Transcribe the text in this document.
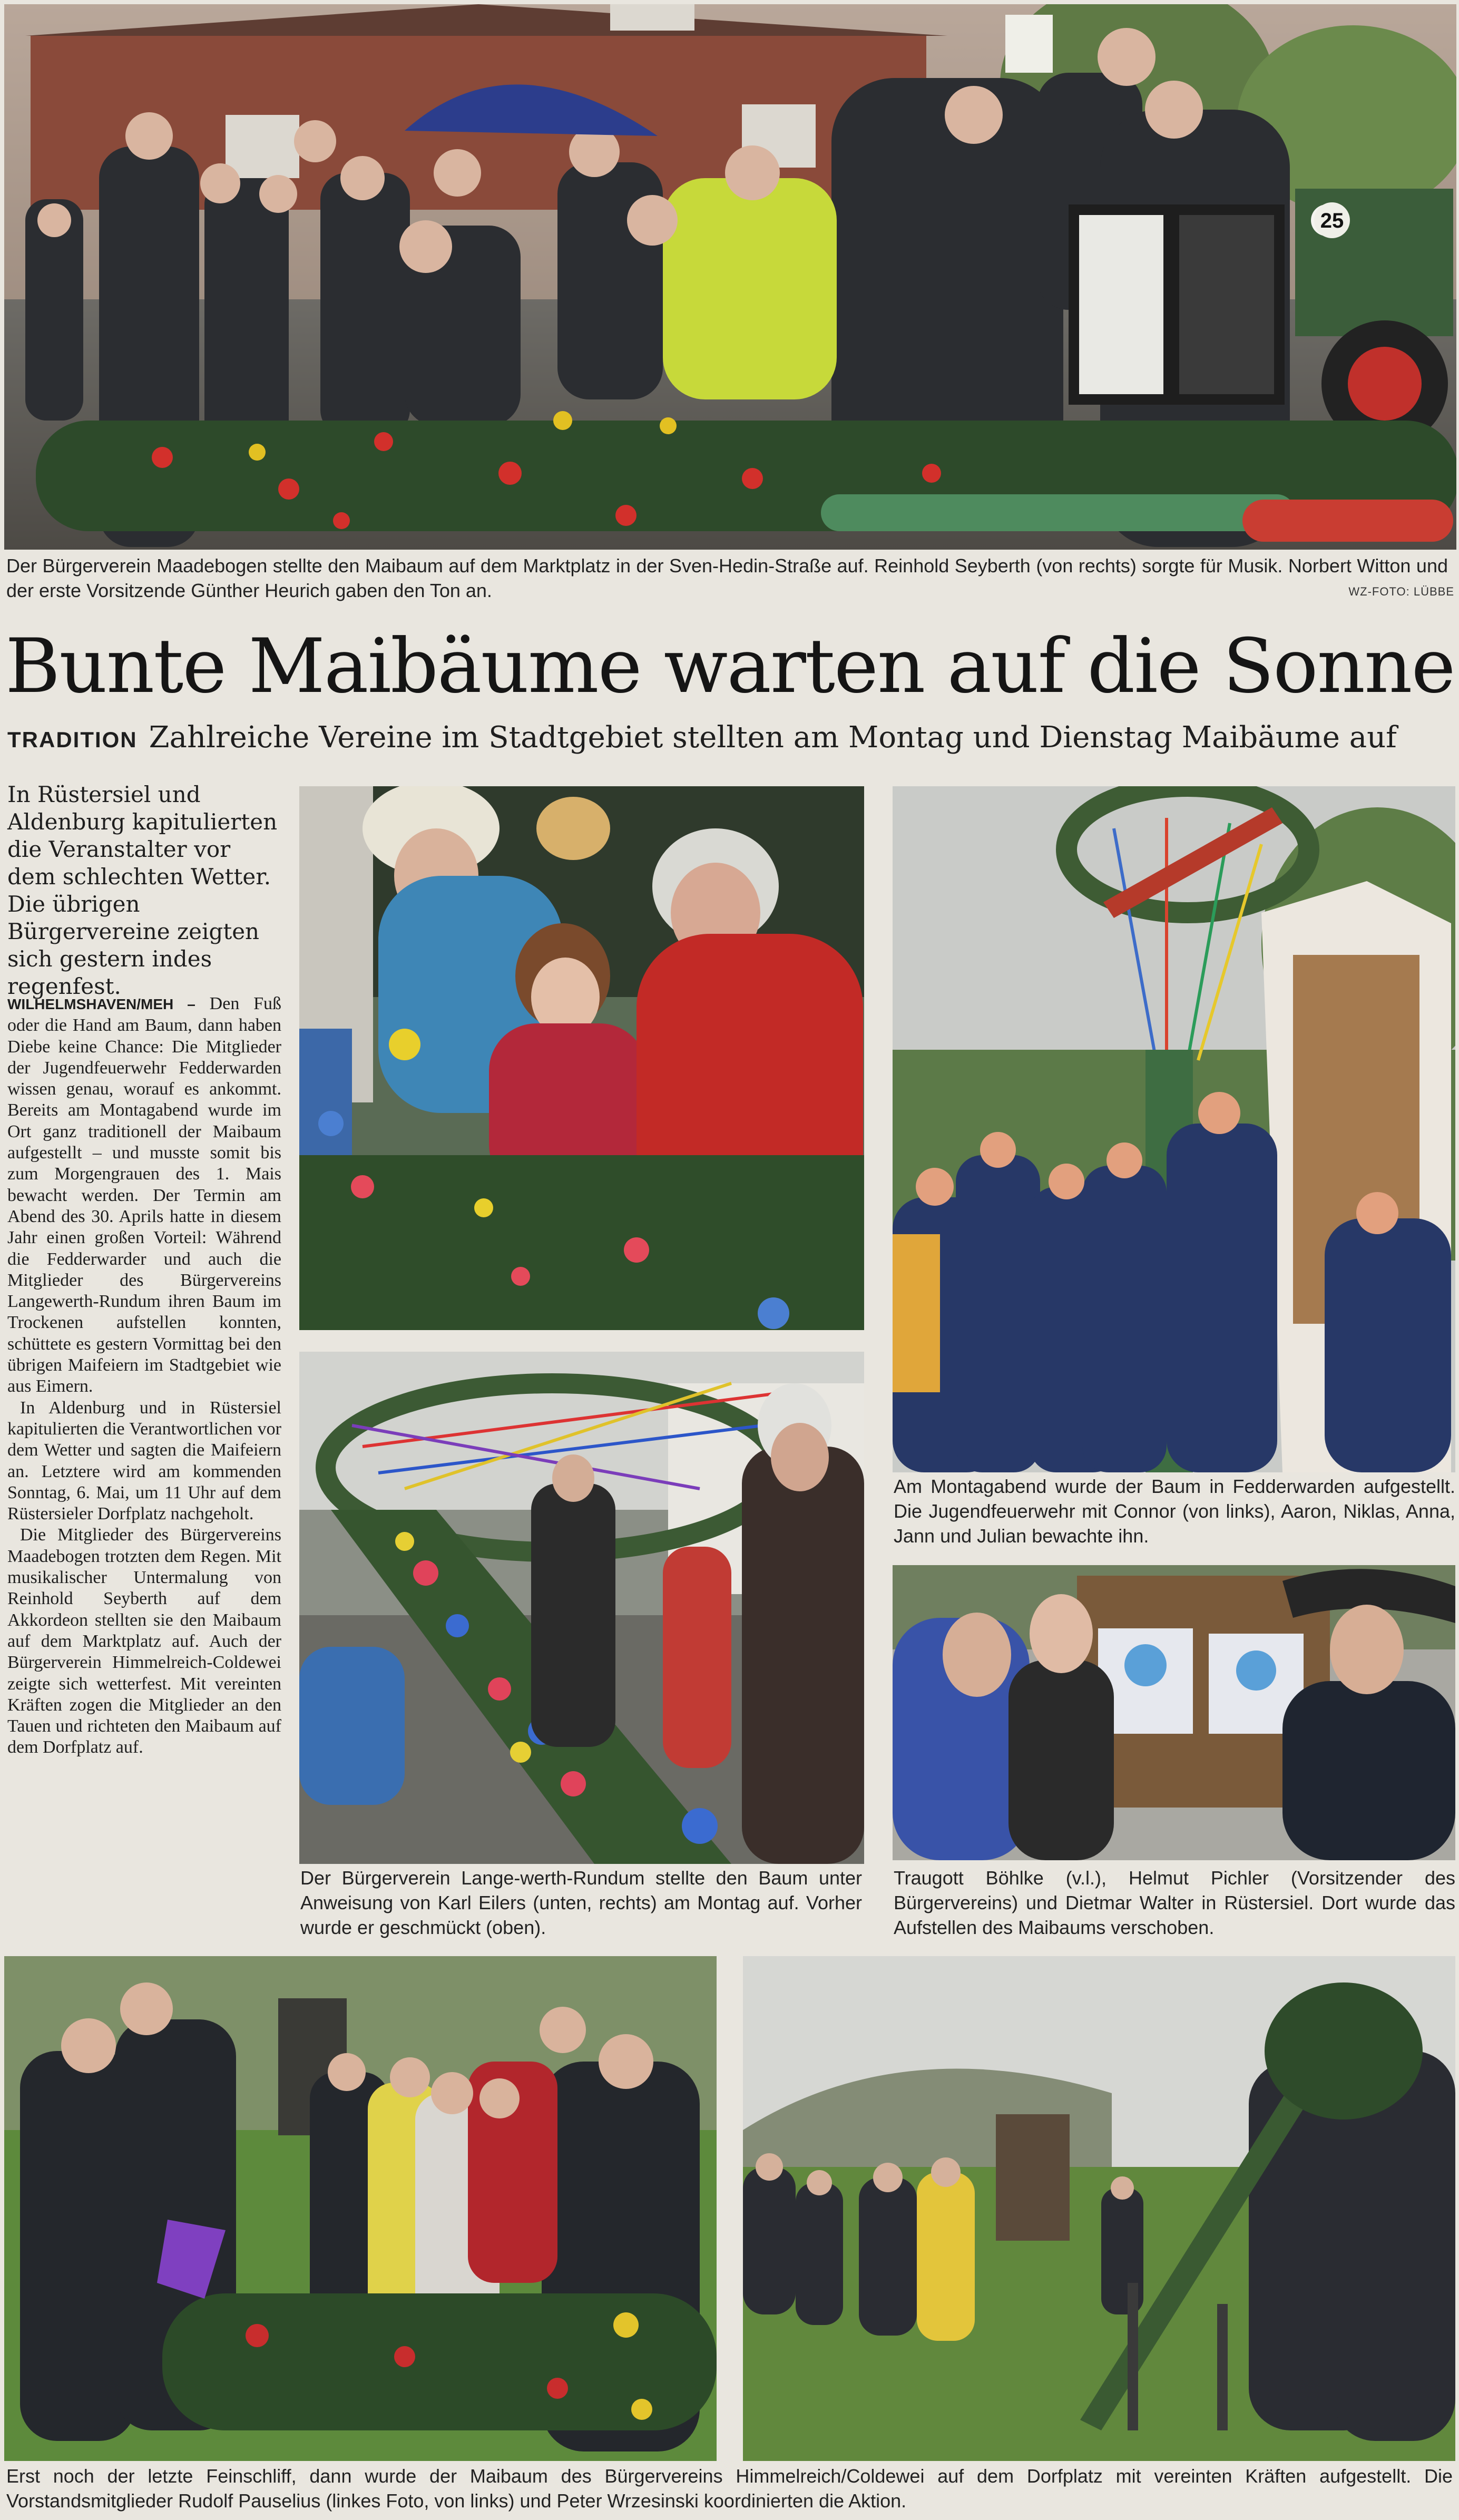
25
Der Bürgerverein Maadebogen stellte den Maibaum auf dem Marktplatz in der Sven-Hedin-Straße auf. Reinhold Seyberth (von rechts) sorgte für Musik. Norbert Witton und der erste Vorsitzende Günther Heurich gaben den Ton an.	WZ-FOTO: LÜBBE
Bunte Maibäume warten auf die Sonne
TRADITION Zahlreiche Vereine im Stadtgebiet stellten am Montag und Dienstag Maibäume auf
In Rüstersiel und Aldenburg kapitulierten die Veranstalter vor dem schlechten Wetter. Die übrigen Bürgervereine zeigten sich gestern indes regenfest.

WILHELMSHAVEN/MEH – Den Fuß oder die Hand am Baum, dann haben Diebe keine Chance: Die Mitglieder der Jugendfeuerwehr Fedderwarden wissen genau, worauf es ankommt. Bereits am Montagabend wurde im Ort ganz traditionell der Maibaum aufgestellt – und musste somit bis zum Morgengrauen des 1. Mais bewacht werden. Der Termin am Abend des 30. Aprils hatte in diesem Jahr einen großen Vorteil: Während die Fedderwarder und auch die Mitglieder des Bürgervereins Langewerth-Rundum ihren Baum im Trockenen aufstellen konnten, schüttete es gestern Vormittag bei den übrigen Maifeiern im Stadtgebiet wie aus Eimern.

In Aldenburg und in Rüstersiel kapitulierten die Verantwortlichen vor dem Wetter und sagten die Maifeiern an. Letztere wird am kommenden Sonntag, 6. Mai, um 11 Uhr auf dem Rüstersieler Dorfplatz nachgeholt.

Die Mitglieder des Bürgervereins Maadebogen trotzten dem Regen. Mit musikalischer Untermalung von Reinhold Seyberth auf dem Akkordeon stellten sie den Maibaum auf dem Marktplatz auf. Auch der Bürgerverein Himmelreich-Coldewei zeigte sich wetterfest. Mit vereinten Kräften zogen die Mitglieder an den Tauen und richteten den Maibaum auf dem Dorfplatz auf.

Der Bürgerverein Lange-werth-Rundum stellte den Baum unter Anweisung von Karl Eilers (unten, rechts) am Montag auf. Vorher wurde er geschmückt (oben).
Am Montagabend wurde der Baum in Fedderwarden aufgestellt. Die Jugendfeuerwehr mit Connor (von links), Aaron, Niklas, Anna, Jann und Julian bewachte ihn.
Traugott Böhlke (v.l.), Helmut Pichler (Vorsitzender des Bürgervereins) und Dietmar Walter in Rüstersiel. Dort wurde das Aufstellen des Maibaums verschoben.
Erst noch der letzte Feinschliff, dann wurde der Maibaum des Bürgervereins Himmelreich/Coldewei auf dem Dorfplatz mit vereinten Kräften aufgestellt. Die Vorstandsmitglieder Rudolf Pauselius (linkes Foto, von links) und Peter Wrzesinski koordinierten die Aktion.
